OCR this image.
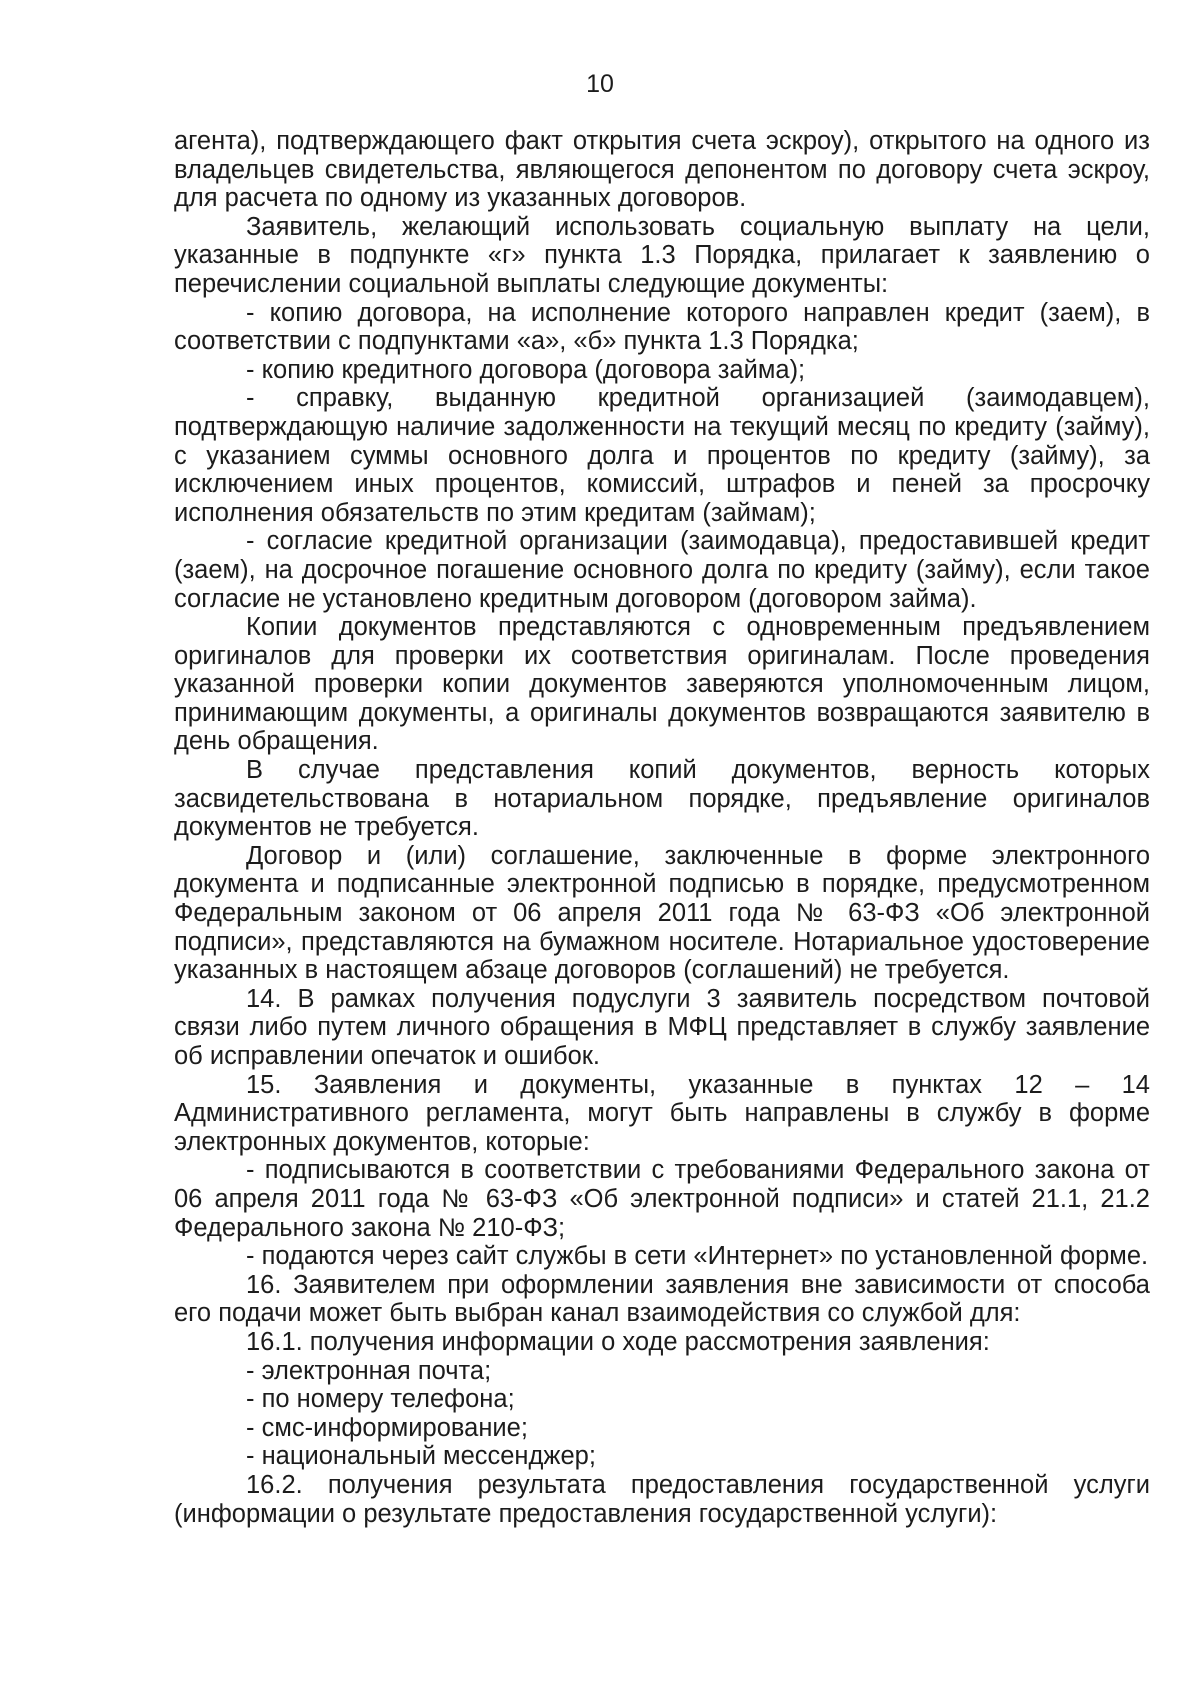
10

агента), подтверждающего факт открытия счета эскроу), открытого на одного из владельцев свидетельства, являющегося депонентом по договору счета эскроу, для расчета по одному из указанных договоров.

Заявитель, желающий использовать социальную выплату на цели, указанные в подпункте «г» пункта 1.3 Порядка, прилагает к заявлению о перечислении социальной выплаты следующие документы:

- копию договора, на исполнение которого направлен кредит (заем), в соответствии с подпунктами «а», «б» пункта 1.3 Порядка;

- копию кредитного договора (договора займа);

- справку, выданную кредитной организацией (заимодавцем), подтверждающую наличие задолженности на текущий месяц по кредиту (займу), с указанием суммы основного долга и процентов по кредиту (займу), за исключением иных процентов, комиссий, штрафов и пеней за просрочку исполнения обязательств по этим кредитам (займам);

- согласие кредитной организации (заимодавца), предоставившей кредит (заем), на досрочное погашение основного долга по кредиту (займу), если такое согласие не установлено кредитным договором (договором займа).

Копии документов представляются с одновременным предъявлением оригиналов для проверки их соответствия оригиналам. После проведения указанной проверки копии документов заверяются уполномоченным лицом, принимающим документы, а оригиналы документов возвращаются заявителю в день обращения.

В случае представления копий документов, верность которых засвидетельствована в нотариальном порядке, предъявление оригиналов документов не требуется.

Договор и (или) соглашение, заключенные в форме электронного документа и подписанные электронной подписью в порядке, предусмотренном Федеральным законом от 06 апреля 2011 года № 63-ФЗ «Об электронной подписи», представляются на бумажном носителе. Нотариальное удостоверение указанных в настоящем абзаце договоров (соглашений) не требуется.

14. В рамках получения подуслуги 3 заявитель посредством почтовой связи либо путем личного обращения в МФЦ представляет в службу заявление об исправлении опечаток и ошибок.

15. Заявления и документы, указанные в пунктах 12 – 14 Административного регламента, могут быть направлены в службу в форме электронных документов, которые:

- подписываются в соответствии с требованиями Федерального закона от 06 апреля 2011 года № 63-ФЗ «Об электронной подписи» и статей 21.1, 21.2 Федерального закона № 210-ФЗ;

- подаются через сайт службы в сети «Интернет» по установленной форме.

16. Заявителем при оформлении заявления вне зависимости от способа его подачи может быть выбран канал взаимодействия со службой для:

16.1. получения информации о ходе рассмотрения заявления:

- электронная почта;

- по номеру телефона;

- смс-информирование;

- национальный мессенджер;

16.2. получения результата предоставления государственной услуги (информации о результате предоставления государственной услуги):
